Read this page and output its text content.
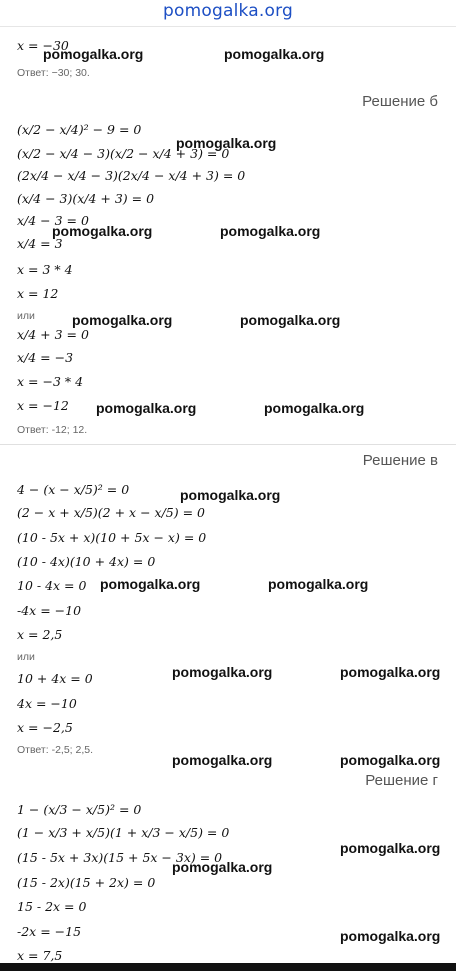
pomogalka.org
x = −30
Ответ: −30; 30.
Решение б
(x/2 − x/4)² − 9 = 0
(x/2 − x/4 − 3)(x/2 − x/4 + 3) = 0
(2x/4 − x/4 − 3)(2x/4 − x/4 + 3) = 0
(x/4 − 3)(x/4 + 3) = 0
x/4 − 3 = 0
x/4 = 3
x = 3 * 4
x = 12
или
x/4 + 3 = 0
x/4 = −3
x = −3 * 4
x = −12
Ответ: -12; 12.
Решение в
4 − (x − x/5)² = 0
(2 − x + x/5)(2 + x − x/5) = 0
(10 - 5x + x)(10 + 5x − x) = 0
(10 - 4x)(10 + 4x) = 0
10 - 4x = 0
-4x = −10
x = 2,5
или
10 + 4x = 0
4x = −10
x = −2,5
Ответ: -2,5; 2,5.
Решение г
1 − (x/3 − x/5)² = 0
(1 − x/3 + x/5)(1 + x/3 − x/5) = 0
(15 - 5x + 3x)(15 + 5x − 3x) = 0
(15 - 2x)(15 + 2x) = 0
15 - 2x = 0
-2x = −15
x = 7,5
pomogalka.org	pomogalka.org
pomogalka.org
pomogalka.org	pomogalka.org
pomogalka.org	pomogalka.org
pomogalka.org	pomogalka.org
pomogalka.org
pomogalka.org	pomogalka.org
pomogalka.org	pomogalka.org
pomogalka.org	pomogalka.org
pomogalka.org
pomogalka.org
pomogalka.org
